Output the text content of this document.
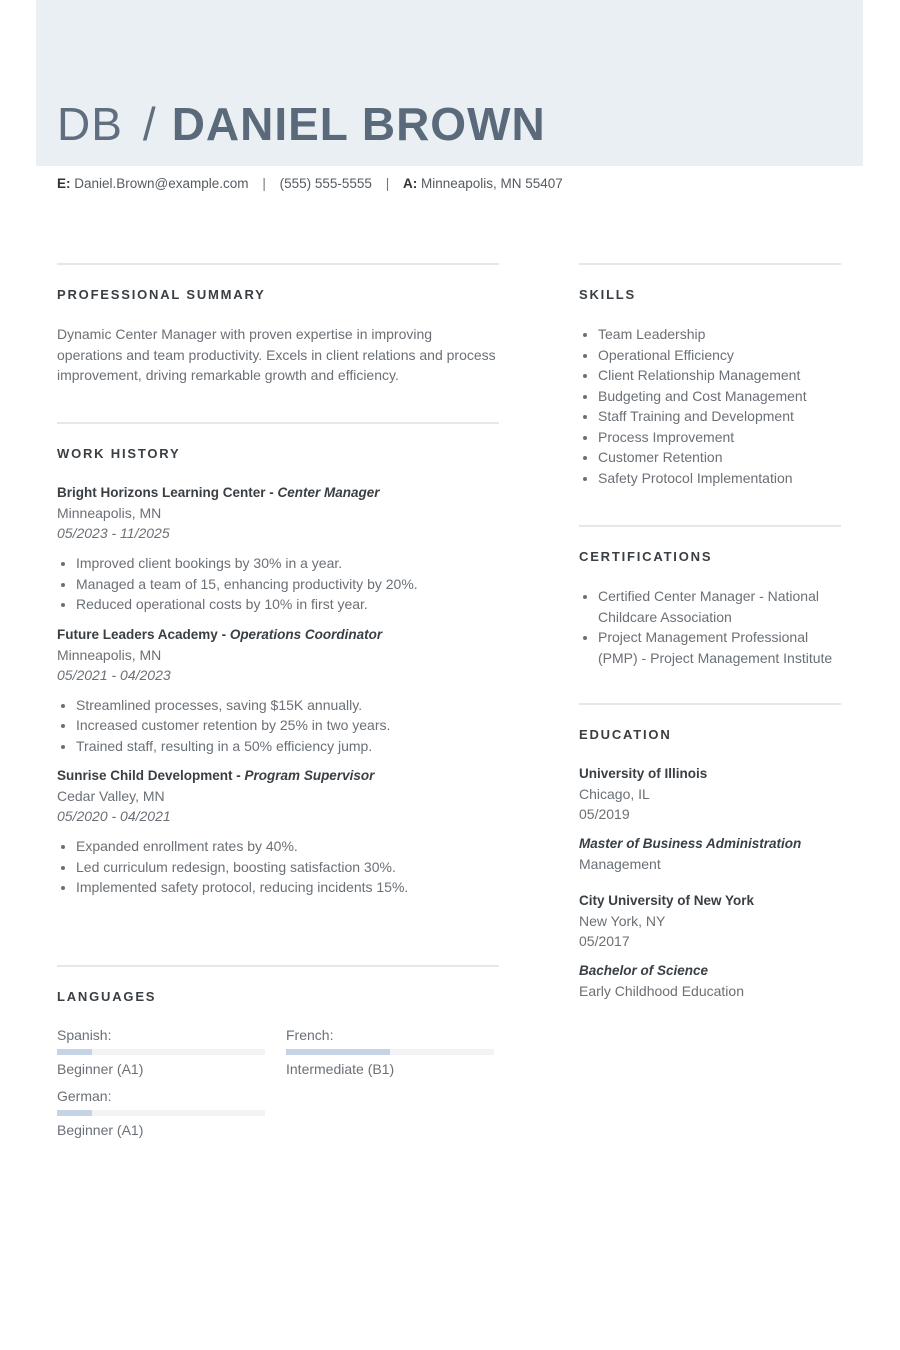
DB / DANIEL BROWN
E: Daniel.Brown@example.com | (555) 555-5555 | A: Minneapolis, MN 55407
PROFESSIONAL SUMMARY
Dynamic Center Manager with proven expertise in improving operations and team productivity. Excels in client relations and process improvement, driving remarkable growth and efficiency.
WORK HISTORY
Bright Horizons Learning Center - Center Manager
Minneapolis, MN
05/2023 - 11/2025
• Improved client bookings by 30% in a year.
• Managed a team of 15, enhancing productivity by 20%.
• Reduced operational costs by 10% in first year.
Future Leaders Academy - Operations Coordinator
Minneapolis, MN
05/2021 - 04/2023
• Streamlined processes, saving $15K annually.
• Increased customer retention by 25% in two years.
• Trained staff, resulting in a 50% efficiency jump.
Sunrise Child Development - Program Supervisor
Cedar Valley, MN
05/2020 - 04/2021
• Expanded enrollment rates by 40%.
• Led curriculum redesign, boosting satisfaction 30%.
• Implemented safety protocol, reducing incidents 15%.
LANGUAGES
Spanish:
Beginner (A1)
French:
Intermediate (B1)
German:
Beginner (A1)
SKILLS
• Team Leadership
• Operational Efficiency
• Client Relationship Management
• Budgeting and Cost Management
• Staff Training and Development
• Process Improvement
• Customer Retention
• Safety Protocol Implementation
CERTIFICATIONS
• Certified Center Manager - National Childcare Association
• Project Management Professional (PMP) - Project Management Institute
EDUCATION
University of Illinois
Chicago, IL
05/2019
Master of Business Administration
Management
City University of New York
New York, NY
05/2017
Bachelor of Science
Early Childhood Education
